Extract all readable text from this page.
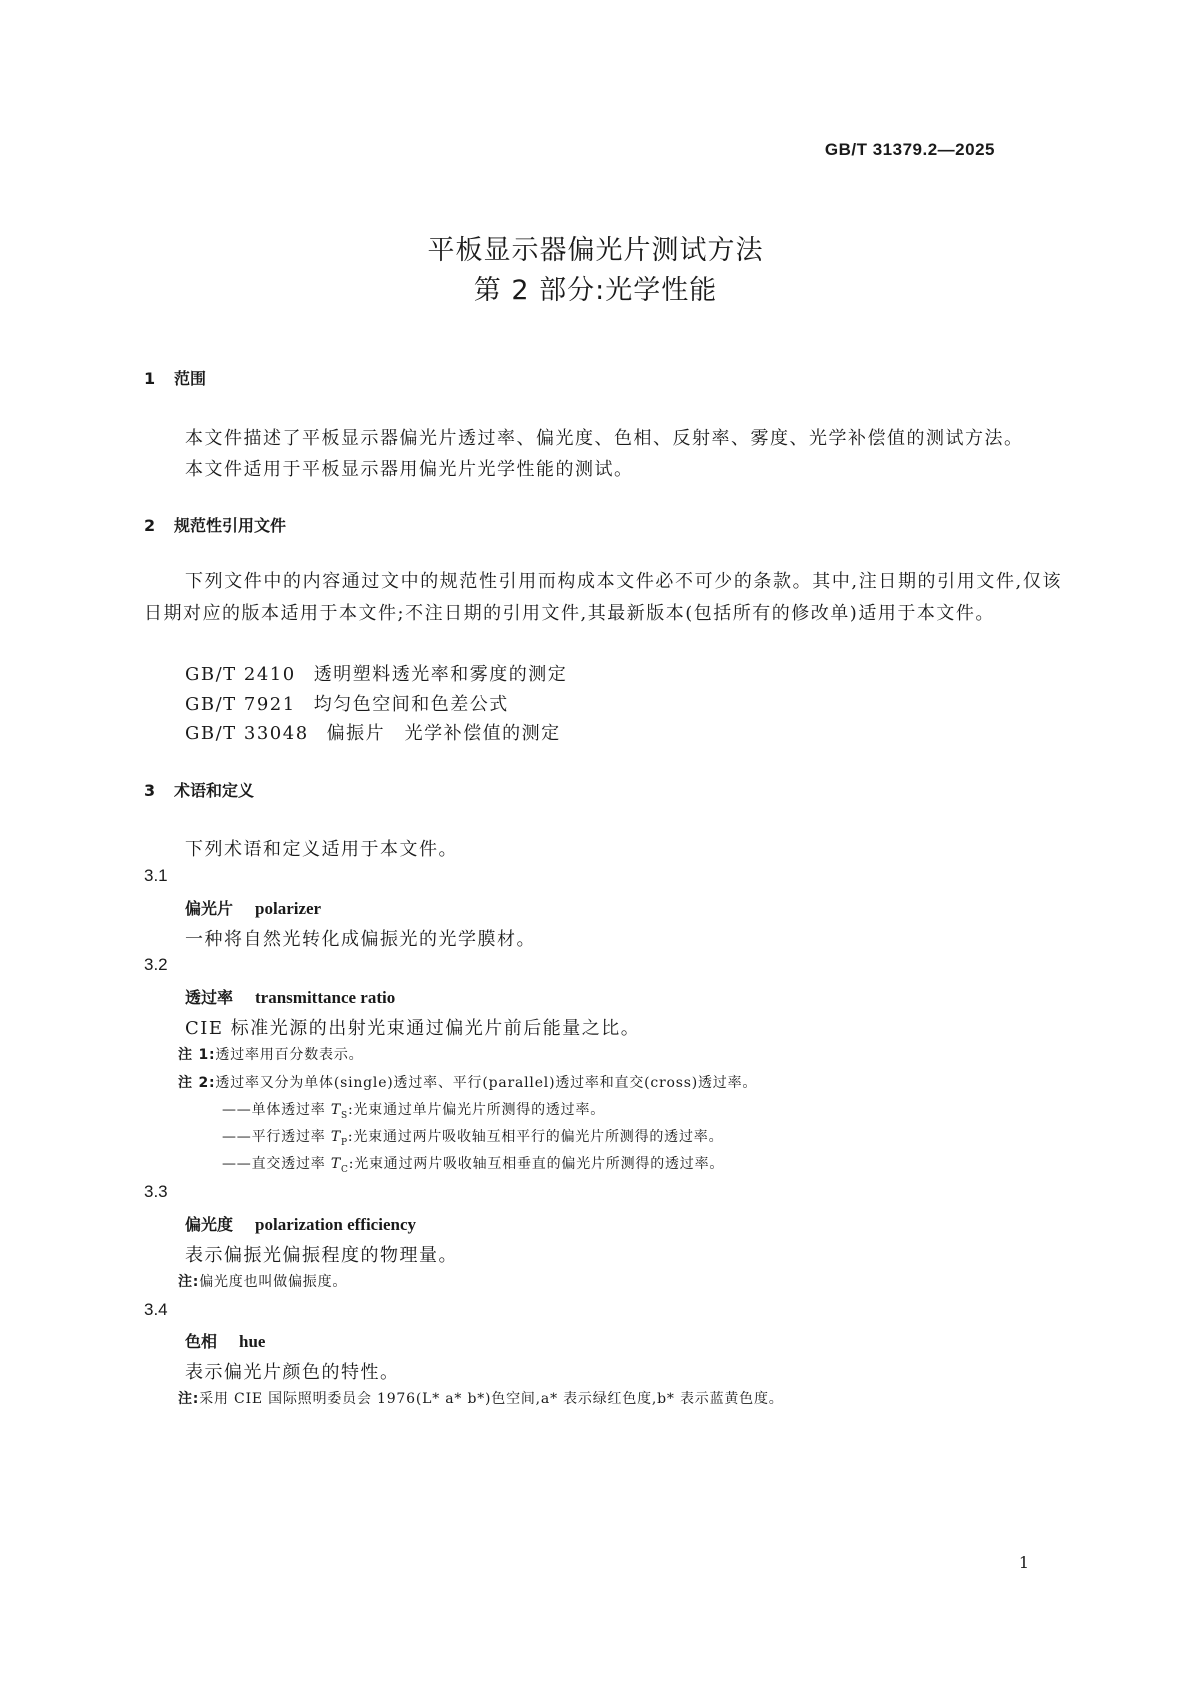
GB/T 31379.2—2025
平板显示器偏光片测试方法
第 2 部分:光学性能
1 范围
本文件描述了平板显示器偏光片透过率、偏光度、色相、反射率、雾度、光学补偿值的测试方法。
本文件适用于平板显示器用偏光片光学性能的测试。
2 规范性引用文件
下列文件中的内容通过文中的规范性引用而构成本文件必不可少的条款。其中,注日期的引用文件,仅该日期对应的版本适用于本文件;不注日期的引用文件,其最新版本(包括所有的修改单)适用于本文件。
GB/T 2410 透明塑料透光率和雾度的测定
GB/T 7921 均匀色空间和色差公式
GB/T 33048 偏振片　光学补偿值的测定
3 术语和定义
下列术语和定义适用于本文件。
3.1
偏光片 polarizer
一种将自然光转化成偏振光的光学膜材。
3.2
透过率 transmittance ratio
CIE 标准光源的出射光束通过偏光片前后能量之比。
注 1:透过率用百分数表示。
注 2:透过率又分为单体(single)透过率、平行(parallel)透过率和直交(cross)透过率。
——单体透过率 $T_S$:光束通过单片偏光片所测得的透过率。
——平行透过率 $T_P$:光束通过两片吸收轴互相平行的偏光片所测得的透过率。
——直交透过率 $T_C$:光束通过两片吸收轴互相垂直的偏光片所测得的透过率。
3.3
偏光度 polarization efficiency
表示偏振光偏振程度的物理量。
注:偏光度也叫做偏振度。
3.4
色相 hue
表示偏光片颜色的特性。
注:采用 CIE 国际照明委员会 1976(L* a* b*)色空间,a* 表示绿红色度,b* 表示蓝黄色度。
1
